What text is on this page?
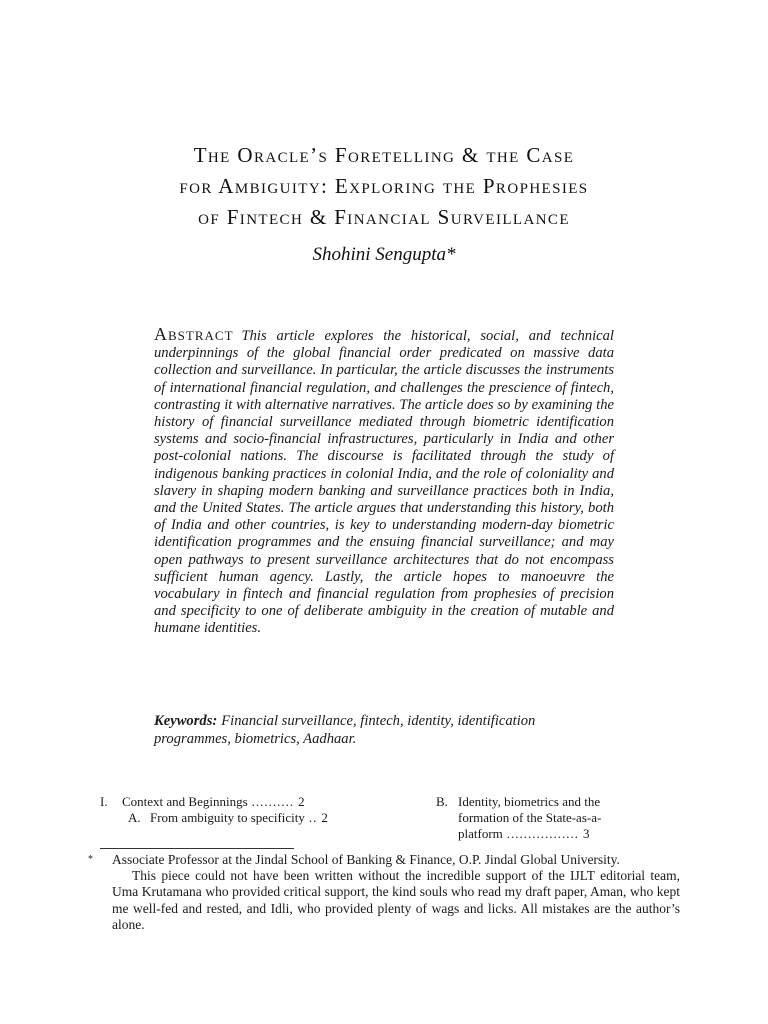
The Oracle’s Foretelling & the Case
for Ambiguity: Exploring the Prophesies
of Fintech & Financial Surveillance
Shohini Sengupta*
Abstract This article explores the historical, social, and technical underpinnings of the global financial order predicated on massive data collection and surveillance. In particular, the article discusses the instruments of international financial regulation, and challenges the prescience of fintech, contrasting it with alternative narratives. The article does so by examining the history of financial surveillance mediated through biometric identification systems and socio-financial infrastructures, particularly in India and other post-colonial nations. The discourse is facilitated through the study of indigenous banking practices in colonial India, and the role of coloniality and slavery in shaping modern banking and surveillance practices both in India, and the United States. The article argues that understanding this history, both of India and other countries, is key to understanding modern-day biometric identification programmes and the ensuing financial surveillance; and may open pathways to present surveillance architectures that do not encompass sufficient human agency. Lastly, the article hopes to manoeuvre the vocabulary in fintech and financial regulation from prophesies of precision and specificity to one of deliberate ambiguity in the creation of mutable and humane identities.
Keywords: Financial surveillance, fintech, identity, identification programmes, biometrics, Aadhaar.
I.	Context and Beginnings .......... 2
A. From ambiguity to specificity .. 2
B. Identity, biometrics and the
formation of the State-as-a-
platform ................. 3
* Associate Professor at the Jindal School of Banking & Finance, O.P. Jindal Global University.
This piece could not have been written without the incredible support of the IJLT editorial team, Uma Krutamana who provided critical support, the kind souls who read my draft paper, Aman, who kept me well-fed and rested, and Idli, who provided plenty of wags and licks. All mistakes are the author’s alone.
